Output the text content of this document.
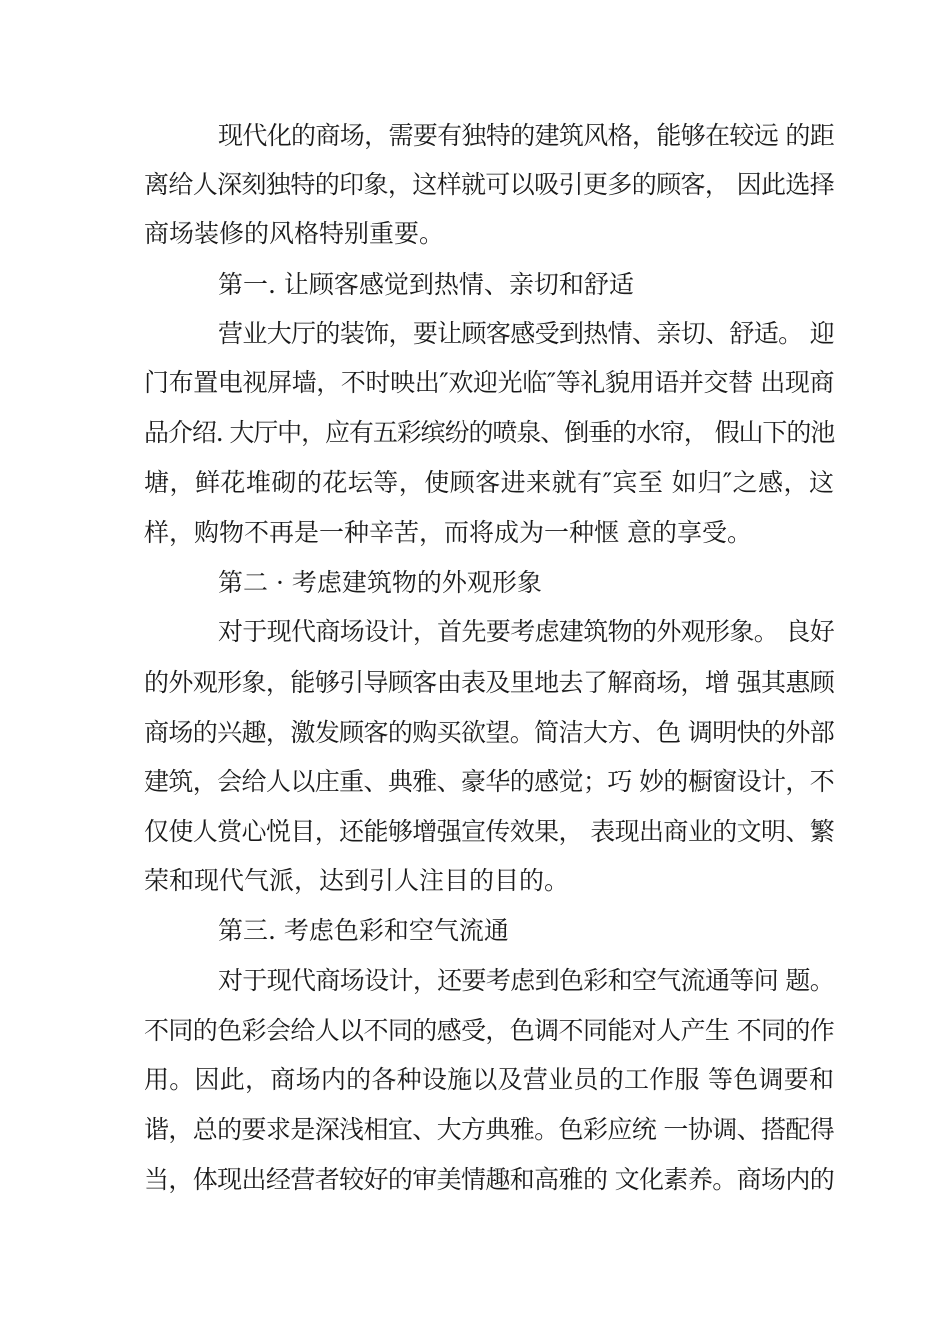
现代化的商场，需要有独特的建筑风格，能够在较远 的距
离给人深刻独特的印象，这样就可以吸引更多的顾客， 因此选择
商场装修的风格特别重要。
第一. 让顾客感觉到热情、亲切和舒适
营业大厅的装饰，要让顾客感受到热情、亲切、舒适。 迎
门布置电视屏墙，不时映出″欢迎光临″等礼貌用语并交替 出现商
品介绍. 大厅中，应有五彩缤纷的喷泉、倒垂的水帘， 假山下的池
塘，鲜花堆砌的花坛等，使顾客进来就有″宾至 如归″之感，这
样，购物不再是一种辛苦，而将成为一种惬 意的享受。
第二 · 考虑建筑物的外观形象
对于现代商场设计，首先要考虑建筑物的外观形象。 良好
的外观形象，能够引导顾客由表及里地去了解商场，增 强其惠顾
商场的兴趣，激发顾客的购买欲望。简洁大方、色 调明快的外部
建筑，会给人以庄重、典雅、豪华的感觉；巧 妙的橱窗设计，不
仅使人赏心悦目，还能够增强宣传效果， 表现出商业的文明、繁
荣和现代气派，达到引人注目的目的。
第三. 考虑色彩和空气流通
对于现代商场设计，还要考虑到色彩和空气流通等问 题。
不同的色彩会给人以不同的感受，色调不同能对人产生 不同的作
用。因此，商场内的各种设施以及营业员的工作服 等色调要和
谐，总的要求是深浅相宜、大方典雅。色彩应统 一协调、搭配得
当，体现出经营者较好的审美情趣和高雅的 文化素养。商场内的
